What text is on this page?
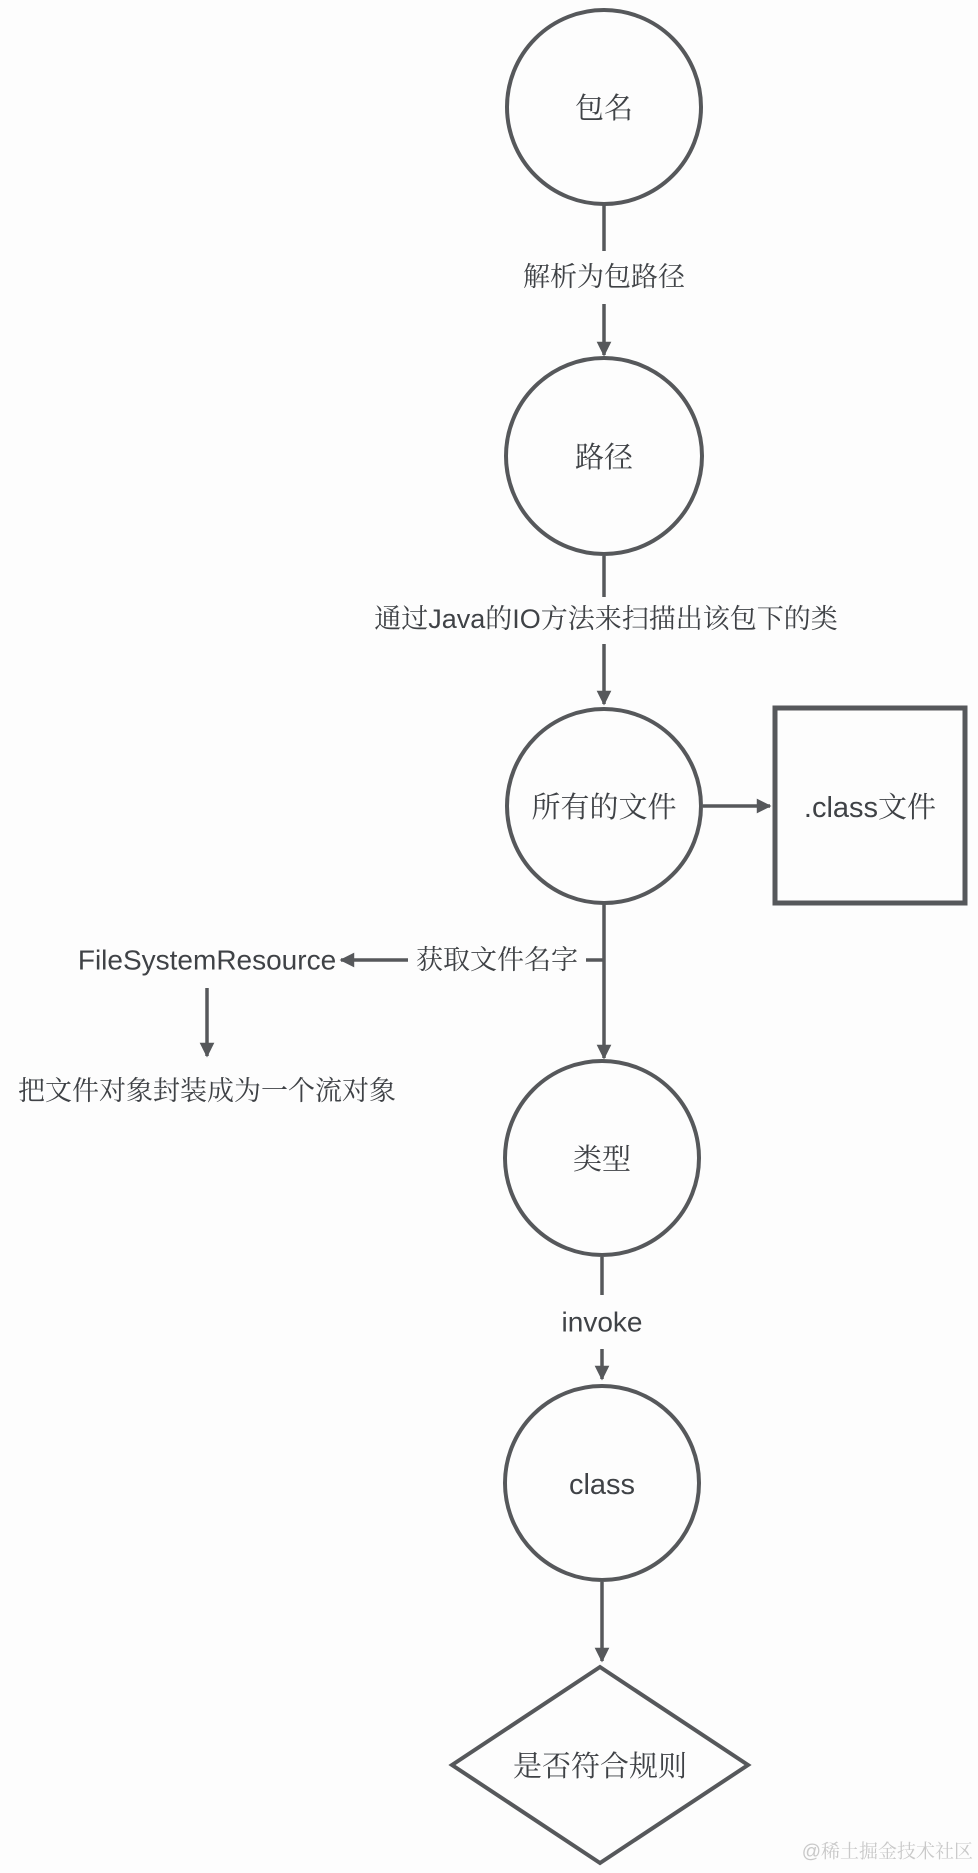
包名
解析为包路径
路径
通过Java的IO方法来扫描出该包下的类
所有的文件	.class文件
获取文件名字
FileSystemResource
把文件对象封装成为一个流对象
类型
invoke
class
是否符合规则
@稀土掘金技术社区
